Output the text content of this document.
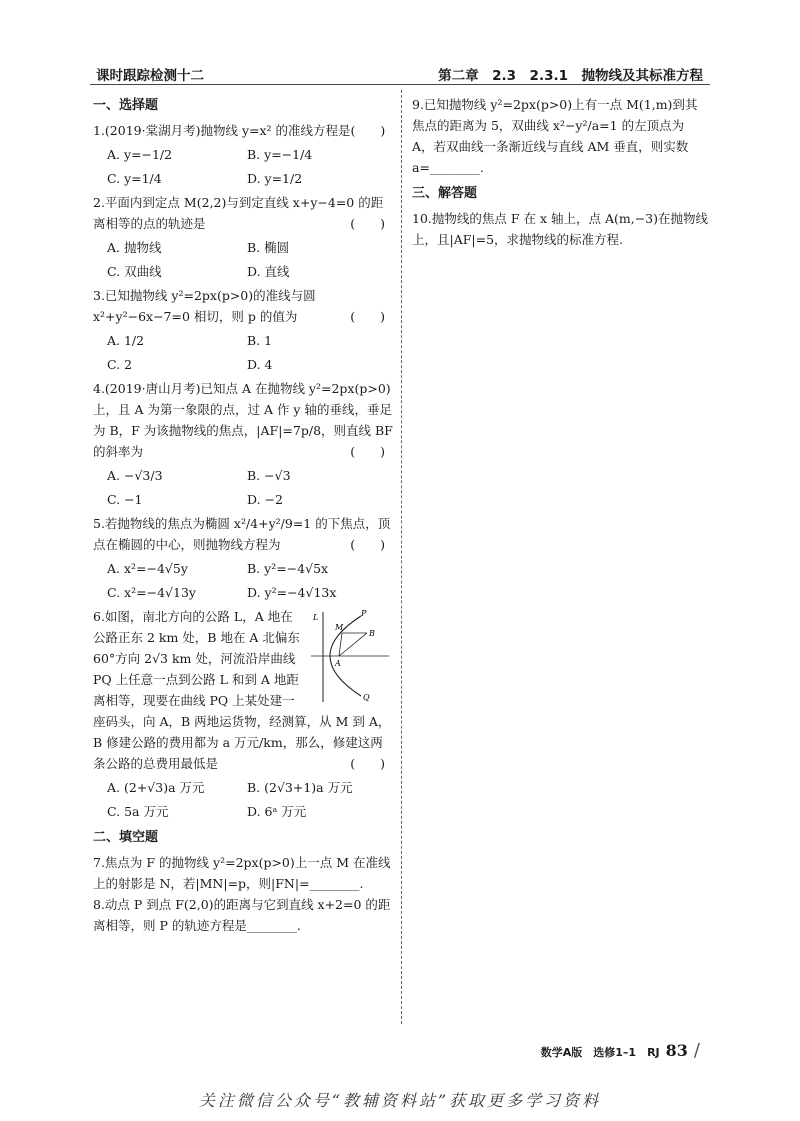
课时跟踪检测十二	第二章　2.3　2.3.1　抛物线及其标准方程
一、选择题

1.(2019·棠湖月考)抛物线 y=x² 的准线方程是(　　)

A. y=−1/2	B. y=−1/4
C. y=1/4	D. y=1/2

2.平面内到定点 M(2,2)与到定直线 x+y−4=0 的距离相等的点的轨迹是	(　　)

A. 抛物线	B. 椭圆
C. 双曲线	D. 直线

3.已知抛物线 y²=2px(p>0)的准线与圆 x²+y²−6x−7=0 相切，则 p 的值为	(　　)

A. 1/2	B. 1
C. 2	D. 4

4.(2019·唐山月考)已知点 A 在抛物线 y²=2px(p>0)上，且 A 为第一象限的点，过 A 作 y 轴的垂线，垂足为 B，F 为该抛物线的焦点，|AF|=7p/8，则直线 BF 的斜率为	(　　)

A. −√3/3	B. −√3
C. −1	D. −2

5.若抛物线的焦点为椭圆 x²/4+y²/9=1 的下焦点，顶点在椭圆的中心，则抛物线方程为	(　　)

A. x²=−4√5y	B. y²=−4√5x
C. x²=−4√13y	D. y²=−4√13x
L	P
M
B
A
Q

6.如图，南北方向的公路 L，A 地在公路正东 2 km 处，B 地在 A 北偏东 60°方向 2√3 km 处，河流沿岸曲线 PQ 上任意一点到公路 L 和到 A 地距离相等，现要在曲线 PQ 上某处建一座码头，向 A，B 两地运货物，经测算，从 M 到 A，B 修建公路的费用都为 a 万元/km，那么，修建这两条公路的总费用最低是	(　　)

A. (2+√3)a 万元	B. (2√3+1)a 万元
C. 5a 万元	D. 6ᵃ 万元
二、填空题

7.焦点为 F 的抛物线 y²=2px(p>0)上一点 M 在准线上的射影是 N，若|MN|=p，则|FN|=________.

8.动点 P 到点 F(2,0)的距离与它到直线 x+2=0 的距离相等，则 P 的轨迹方程是________.

9.已知抛物线 y²=2px(p>0)上有一点 M(1,m)到其焦点的距离为 5，双曲线 x²−y²/a=1 的左顶点为 A，若双曲线一条渐近线与直线 AM 垂直，则实数 a=________.

三、解答题

10.抛物线的焦点 F 在 x 轴上，点 A(m,−3)在抛物线上，且|AF|=5，求抛物线的标准方程.

数学A版　选修1–1　RJ 83 /
关注微信公众号“教辅资料站”获取更多学习资料
